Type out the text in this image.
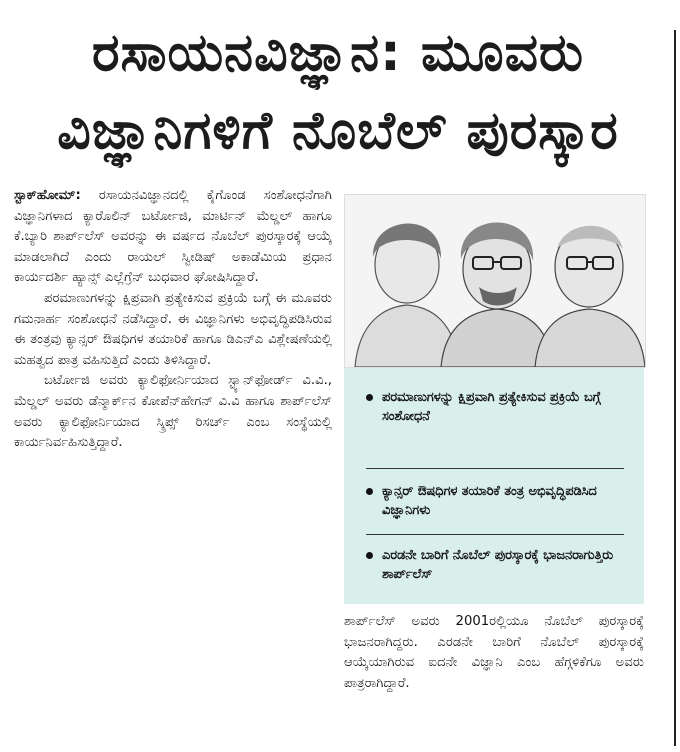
ರಸಾಯನವಿಜ್ಞಾನ: ಮೂವರು
ವಿಜ್ಞಾನಿಗಳಿಗೆ ನೊಬೆಲ್ ಪುರಸ್ಕಾರ

ಸ್ಟಾಕ್‌ಹೋಮ್: ರಸಾಯನವಿಜ್ಞಾನದಲ್ಲಿ ಕೈಗೊಂಡ ಸಂಶೋಧನೆಗಾಗಿ ವಿಜ್ಞಾನಿಗಳಾದ ಕ್ಯಾರೊಲಿನ್ ಬರ್ಟೋಜಿ, ಮಾರ್ಟಿನ್ ಮೆಲ್ಡಲ್ ಹಾಗೂ ಕೆ.ಬ್ಯಾರಿ ಶಾರ್ಪ್‌ಲೆಸ್ ಅವರನ್ನು ಈ ವರ್ಷದ ನೊಬೆಲ್ ಪುರಸ್ಕಾರಕ್ಕೆ ಆಯ್ಕೆ ಮಾಡಲಾಗಿದೆ ಎಂದು ರಾಯಲ್ ಸ್ವೀಡಿಷ್ ಅಕಾಡೆಮಿಯ ಪ್ರಧಾನ ಕಾರ್ಯದರ್ಶಿ ಹ್ಯಾನ್ಸ್ ಎಲ್ಲೆಗ್ರೆನ್ ಬುಧವಾರ ಘೋಷಿಸಿದ್ದಾರೆ.

ಪರಮಾಣುಗಳನ್ನು ಕ್ಷಿಪ್ರವಾಗಿ ಪ್ರತ್ಯೇಕಿಸುವ ಪ್ರಕ್ರಿಯೆ ಬಗ್ಗೆ ಈ ಮೂವರು ಗಮನಾರ್ಹ ಸಂಶೋಧನೆ ನಡೆಸಿದ್ದಾರೆ. ಈ ವಿಜ್ಞಾನಿಗಳು ಅಭಿವೃದ್ಧಿಪಡಿಸಿರುವ ಈ ತಂತ್ರವು ಕ್ಯಾನ್ಸರ್ ಔಷಧಿಗಳ ತಯಾರಿಕೆ ಹಾಗೂ ಡಿಎನ್‌ಎ ವಿಶ್ಲೇಷಣೆಯಲ್ಲಿ ಮಹತ್ವದ ಪಾತ್ರ ವಹಿಸುತ್ತಿದೆ ಎಂದು ತಿಳಿಸಿದ್ದಾರೆ.

ಬರ್ಟೋಜಿ ಅವರು ಕ್ಯಾಲಿಫೋರ್ನಿಯಾದ ಸ್ಟ್ಯಾನ್‌ಫೋರ್ಡ್ ವಿ.ವಿ., ಮೆಲ್ಡಲ್ ಅವರು ಡೆನ್ಮಾರ್ಕ್‌ನ ಕೋಪೆನ್‌ಹೇಗನ್ ವಿ.ವಿ ಹಾಗೂ ಶಾರ್ಪ್‌ಲೆಸ್ ಅವರು ಕ್ಯಾಲಿಫೋರ್ನಿಯಾದ ಸ್ಕ್ರಿಪ್ಸ್ ರಿಸರ್ಚ್ ಎಂಬ ಸಂಸ್ಥೆಯಲ್ಲಿ ಕಾರ್ಯನಿರ್ವಹಿಸುತ್ತಿದ್ದಾರೆ.

ಪರಮಾಣುಗಳನ್ನು ಕ್ಷಿಪ್ರವಾಗಿ ಪ್ರತ್ಯೇಕಿಸುವ ಪ್ರಕ್ರಿಯೆ ಬಗ್ಗೆ ಸಂಶೋಧನೆ
ಕ್ಯಾನ್ಸರ್ ಔಷಧಿಗಳ ತಯಾರಿಕೆ ತಂತ್ರ ಅಭಿವೃದ್ಧಿಪಡಿಸಿದ ವಿಜ್ಞಾನಿಗಳು
ಎರಡನೇ ಬಾರಿಗೆ ನೊಬೆಲ್ ಪುರಸ್ಕಾರಕ್ಕೆ ಭಾಜನರಾಗುತ್ತಿರು ಶಾರ್ಪ್‌ಲೆಸ್

ಶಾರ್ಪ್‌ಲೆಸ್ ಅವರು 2001ರಲ್ಲಿಯೂ ನೊಬೆಲ್ ಪುರಸ್ಕಾರಕ್ಕೆ ಭಾಜನರಾಗಿದ್ದರು. ಎರಡನೇ ಬಾರಿಗೆ ನೊಬೆಲ್ ಪುರಸ್ಕಾರಕ್ಕೆ ಆಯ್ಕೆಯಾಗಿರುವ ಐದನೇ ವಿಜ್ಞಾನಿ ಎಂಬ ಹೆಗ್ಗಳಿಕೆಗೂ ಅವರು ಪಾತ್ರರಾಗಿದ್ದಾರೆ.
